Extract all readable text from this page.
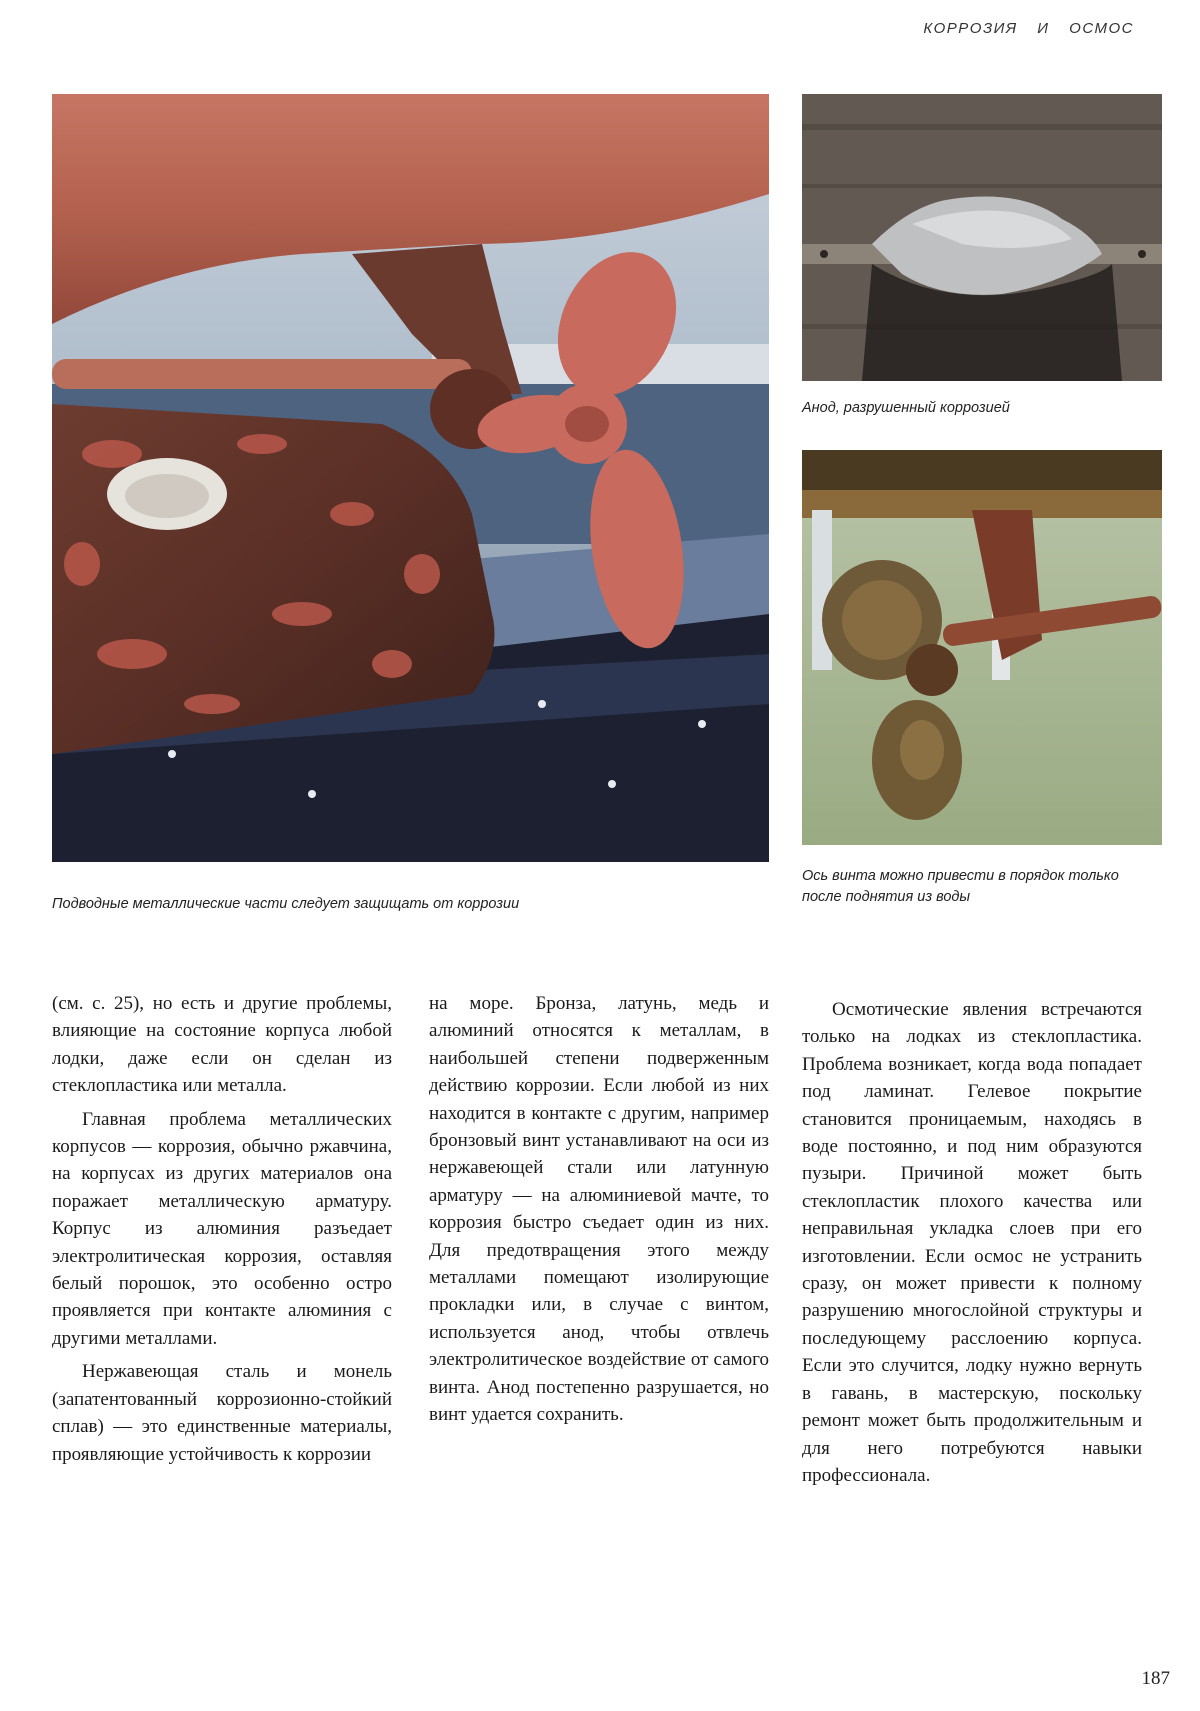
КОРРОЗИЯ И ОСМОС
Подводные металлические части следует защищать от коррозии
Анод, разрушенный коррозией
Ось винта можно привести в порядок только после поднятия из воды

(см. с. 25), но есть и другие проблемы, влияющие на состояние корпуса любой лодки, даже если он сделан из стеклопластика или металла.

Главная проблема металлических корпусов — коррозия, обычно ржавчина, на корпусах из других материалов она поражает металлическую арматуру. Корпус из алюминия разъедает электролитическая коррозия, оставляя белый порошок, это особенно остро проявляется при контакте алюминия с другими металлами.

Нержавеющая сталь и монель (запатентованный коррозионно-стойкий сплав) — это единственные материалы, проявляющие устойчивость к коррозии

на море. Бронза, латунь, медь и алюминий относятся к металлам, в наибольшей степени подверженным действию коррозии. Если любой из них находится в контакте с другим, например бронзовый винт устанавливают на оси из нержавеющей стали или латунную арматуру — на алюминиевой мачте, то коррозия быстро съедает один из них. Для предотвращения этого между металлами помещают изолирующие прокладки или, в случае с винтом, используется анод, чтобы отвлечь электролитическое воздействие от самого винта. Анод постепенно разрушается, но винт удается сохранить.

Осмотические явления встречаются только на лодках из стеклопластика. Проблема возникает, когда вода попадает под ламинат. Гелевое покрытие становится проницаемым, находясь в воде постоянно, и под ним образуются пузыри. Причиной может быть стеклопластик плохого качества или неправильная укладка слоев при его изготовлении. Если осмос не устранить сразу, он может привести к полному разрушению многослойной структуры и последующему расслоению корпуса. Если это случится, лодку нужно вернуть в гавань, в мастерскую, поскольку ремонт может быть продолжительным и для него потребуются навыки профессионала.

187
